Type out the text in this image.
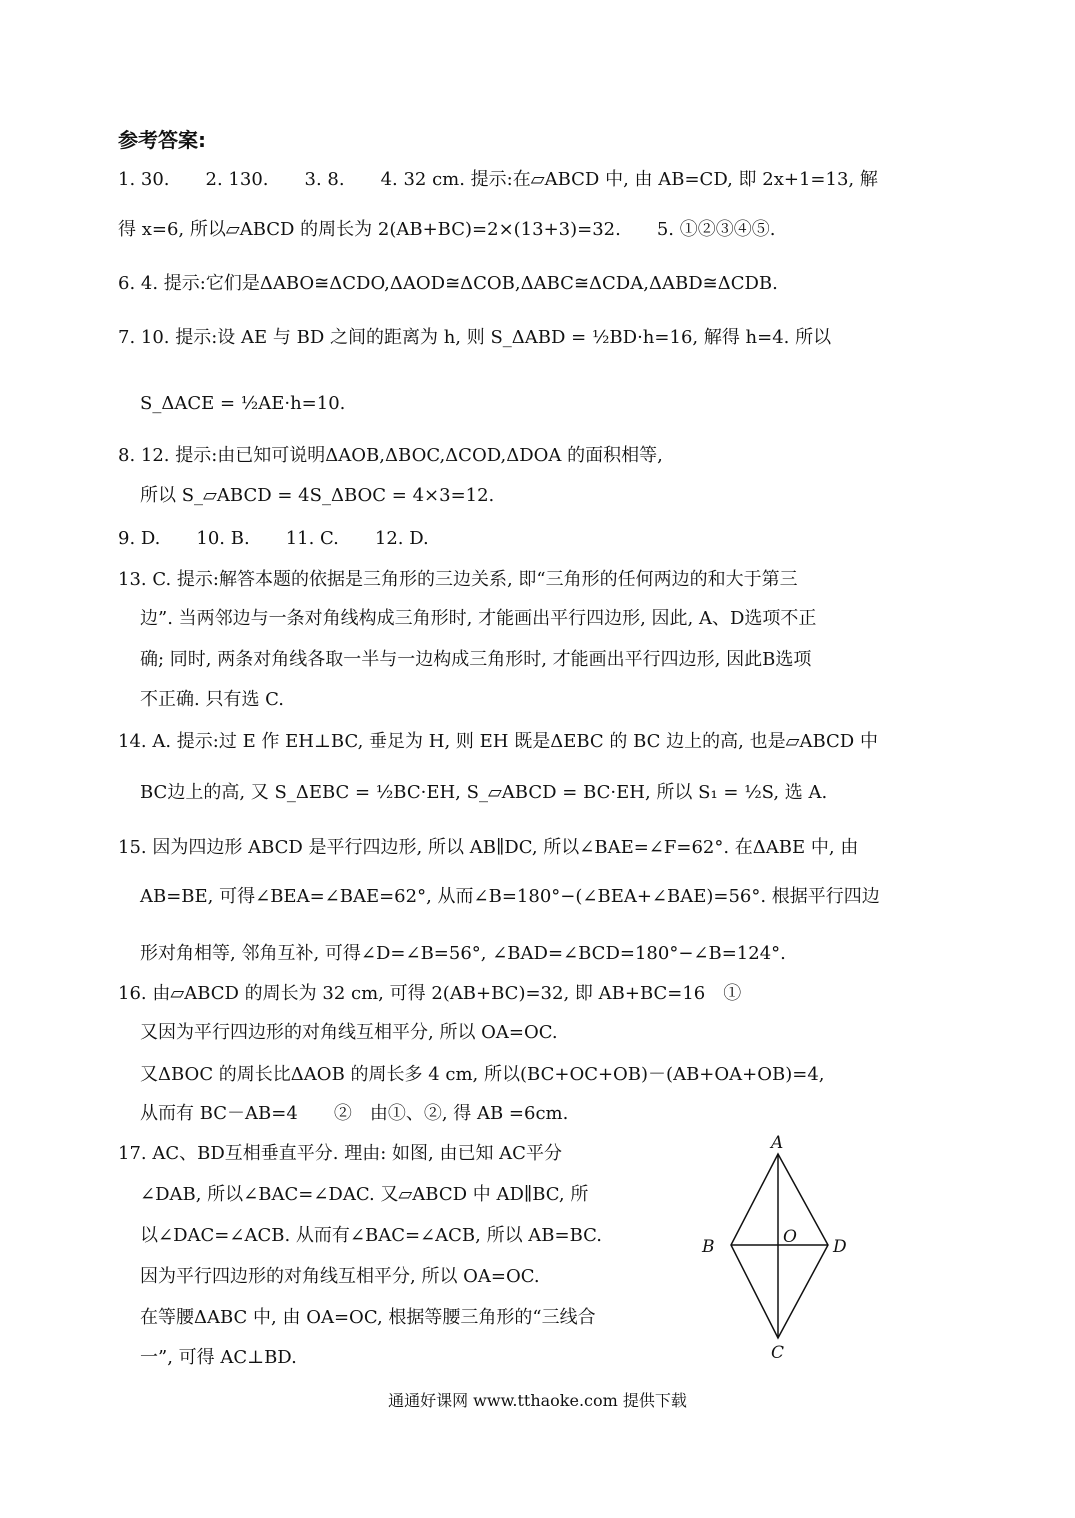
参考答案:
1. 30.　　2. 130.　　3. 8.　　4. 32 cm. 提示:在▱ABCD 中, 由 AB=CD, 即 2x+1=13, 解
得 x=6, 所以▱ABCD 的周长为 2(AB+BC)=2×(13+3)=32.　　5. ①②③④⑤.
6. 4. 提示:它们是ΔABO≅ΔCDO,ΔAOD≅ΔCOB,ΔABC≅ΔCDA,ΔABD≅ΔCDB.
7. 10. 提示:设 AE 与 BD 之间的距离为 h, 则 S_ΔABD = ½BD·h=16, 解得 h=4. 所以
S_ΔACE = ½AE·h=10.
8. 12. 提示:由已知可说明ΔAOB,ΔBOC,ΔCOD,ΔDOA 的面积相等,
所以 S_▱ABCD = 4S_ΔBOC = 4×3=12.
9. D.　　10. B.　　11. C.　　12. D.
13. C. 提示:解答本题的依据是三角形的三边关系, 即“三角形的任何两边的和大于第三
边”. 当两邻边与一条对角线构成三角形时, 才能画出平行四边形, 因此, A、D选项不正
确; 同时, 两条对角线各取一半与一边构成三角形时, 才能画出平行四边形, 因此B选项
不正确. 只有选 C.
14. A. 提示:过 E 作 EH⊥BC, 垂足为 H, 则 EH 既是ΔEBC 的 BC 边上的高, 也是▱ABCD 中
BC边上的高, 又 S_ΔEBC = ½BC·EH, S_▱ABCD = BC·EH, 所以 S₁ = ½S, 选 A.
15. 因为四边形 ABCD 是平行四边形, 所以 AB∥DC, 所以∠BAE=∠F=62°. 在ΔABE 中, 由
AB=BE, 可得∠BEA=∠BAE=62°, 从而∠B=180°−(∠BEA+∠BAE)=56°. 根据平行四边
形对角相等, 邻角互补, 可得∠D=∠B=56°, ∠BAD=∠BCD=180°−∠B=124°.
16. 由▱ABCD 的周长为 32 cm, 可得 2(AB+BC)=32, 即 AB+BC=16　①
又因为平行四边形的对角线互相平分, 所以 OA=OC.
又ΔBOC 的周长比ΔAOB 的周长多 4 cm, 所以(BC+OC+OB)－(AB+OA+OB)=4,
从而有 BC－AB=4　　②　由①、②, 得 AB =6cm.
17. AC、BD互相垂直平分. 理由: 如图, 由已知 AC平分
∠DAB, 所以∠BAC=∠DAC. 又▱ABCD 中 AD∥BC, 所
以∠DAC=∠ACB. 从而有∠BAC=∠ACB, 所以 AB=BC.
因为平行四边形的对角线互相平分, 所以 OA=OC.
在等腰ΔABC 中, 由 OA=OC, 根据等腰三角形的“三线合
一”, 可得 AC⊥BD.
A
B
C
D
O
通通好课网 www.tthaoke.com 提供下载
